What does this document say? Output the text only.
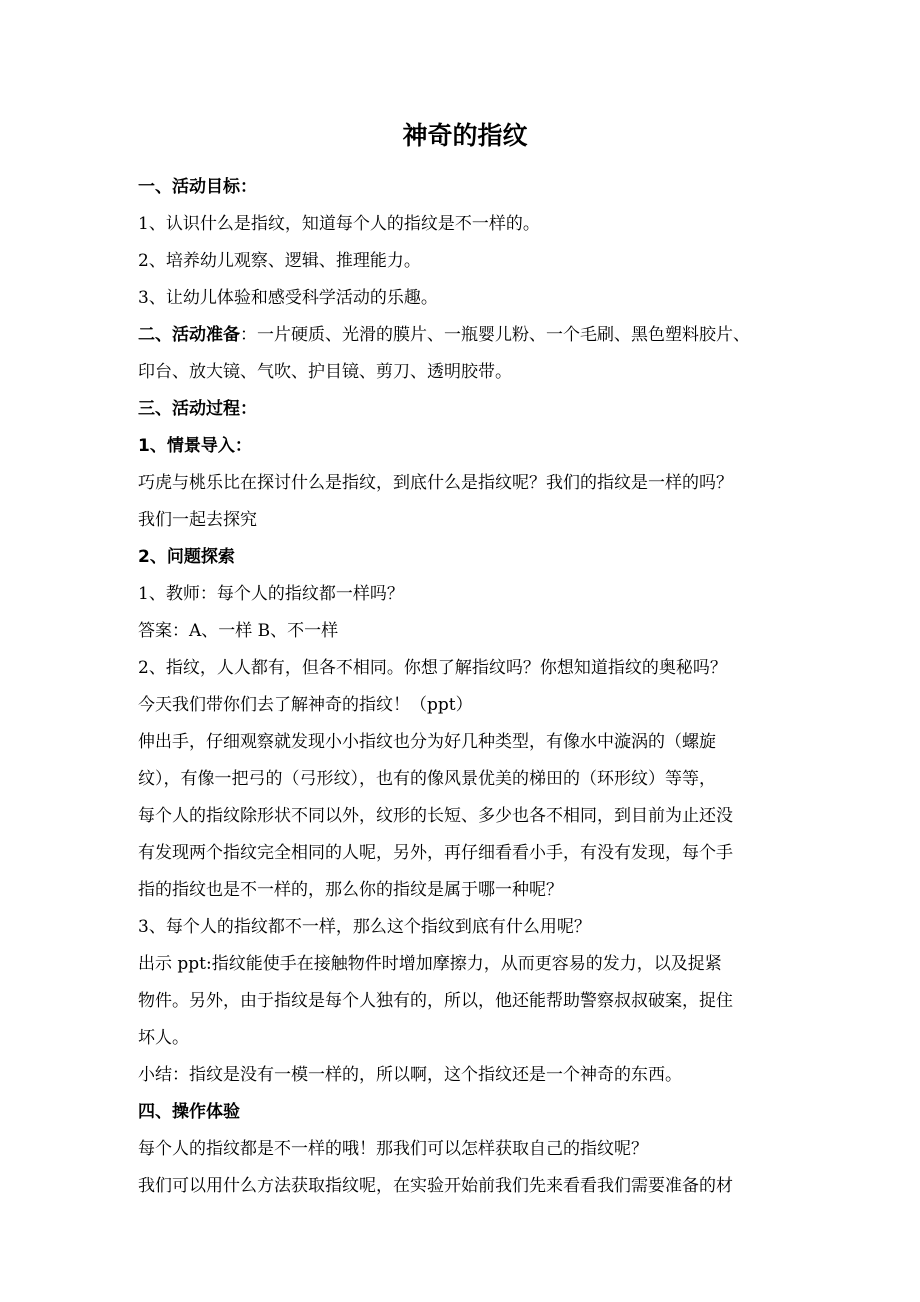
神奇的指纹
一、活动目标：
1、认识什么是指纹，知道每个人的指纹是不一样的。
2、培养幼儿观察、逻辑、推理能力。
3、让幼儿体验和感受科学活动的乐趣。
二、活动准备：一片硬质、光滑的膜片、一瓶婴儿粉、一个毛刷、黑色塑料胶片、
印台、放大镜、气吹、护目镜、剪刀、透明胶带。
三、活动过程：
1、情景导入：
巧虎与桃乐比在探讨什么是指纹，到底什么是指纹呢？我们的指纹是一样的吗？
我们一起去探究
2、问题探索
1、教师：每个人的指纹都一样吗？
答案：A、一样 B、不一样
2、指纹，人人都有，但各不相同。你想了解指纹吗？你想知道指纹的奥秘吗？
今天我们带你们去了解神奇的指纹！（ppt）
伸出手，仔细观察就发现小小指纹也分为好几种类型，有像水中漩涡的（螺旋
纹），有像一把弓的（弓形纹），也有的像风景优美的梯田的（环形纹）等等，
每个人的指纹除形状不同以外，纹形的长短、多少也各不相同，到目前为止还没
有发现两个指纹完全相同的人呢，另外，再仔细看看小手，有没有发现，每个手
指的指纹也是不一样的，那么你的指纹是属于哪一种呢？
3、每个人的指纹都不一样，那么这个指纹到底有什么用呢？
出示 ppt:指纹能使手在接触物件时增加摩擦力，从而更容易的发力，以及捉紧
物件。另外，由于指纹是每个人独有的，所以，他还能帮助警察叔叔破案，捉住
坏人。
小结：指纹是没有一模一样的，所以啊，这个指纹还是一个神奇的东西。
四、操作体验
每个人的指纹都是不一样的哦！那我们可以怎样获取自己的指纹呢？
我们可以用什么方法获取指纹呢，在实验开始前我们先来看看我们需要准备的材
